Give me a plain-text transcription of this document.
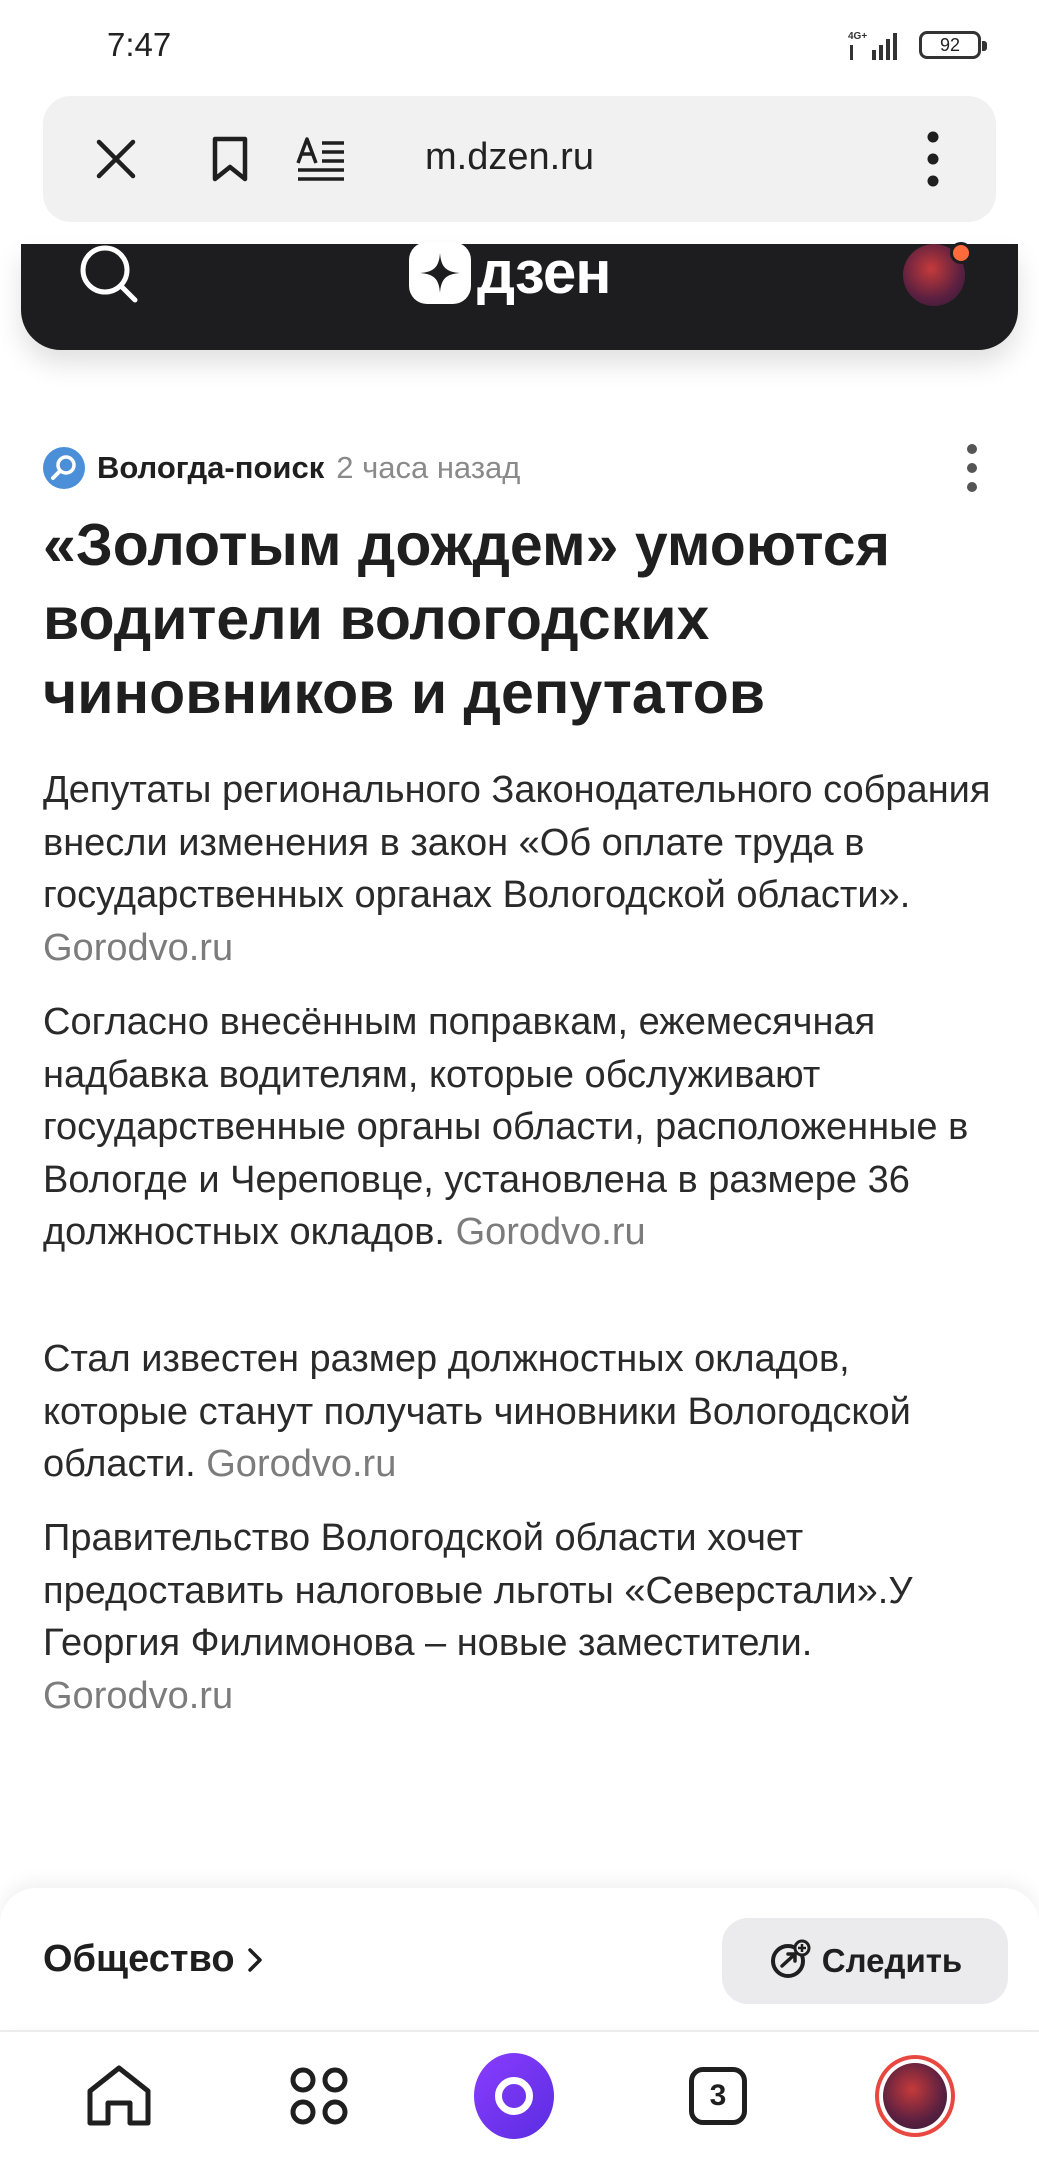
7:47	4G+	92
m.dzen.ru
дзен
Вологда-поиск 2 часа назад
«Золотым дождем» умоются водители вологодских чиновников и депутатов

Депутаты регионального Законодательного собрания внесли изменения в закон «Об оплате труда в государственных органах Вологодской области». Gorodvo.ru

Согласно внесённым поправкам, ежемесячная надбавка водителям, которые обслуживают государственные органы области, расположенные в Вологде и Череповце, установлена в размере 36 должностных окладов. Gorodvo.ru

Стал известен размер должностных окладов, которые станут получать чиновники Вологодской области. Gorodvo.ru

Правительство Вологодской области хочет предоставить налоговые льготы «Северстали».У Георгия Филимонова – новые заместители. Gorodvo.ru

Общество	Следить
3
